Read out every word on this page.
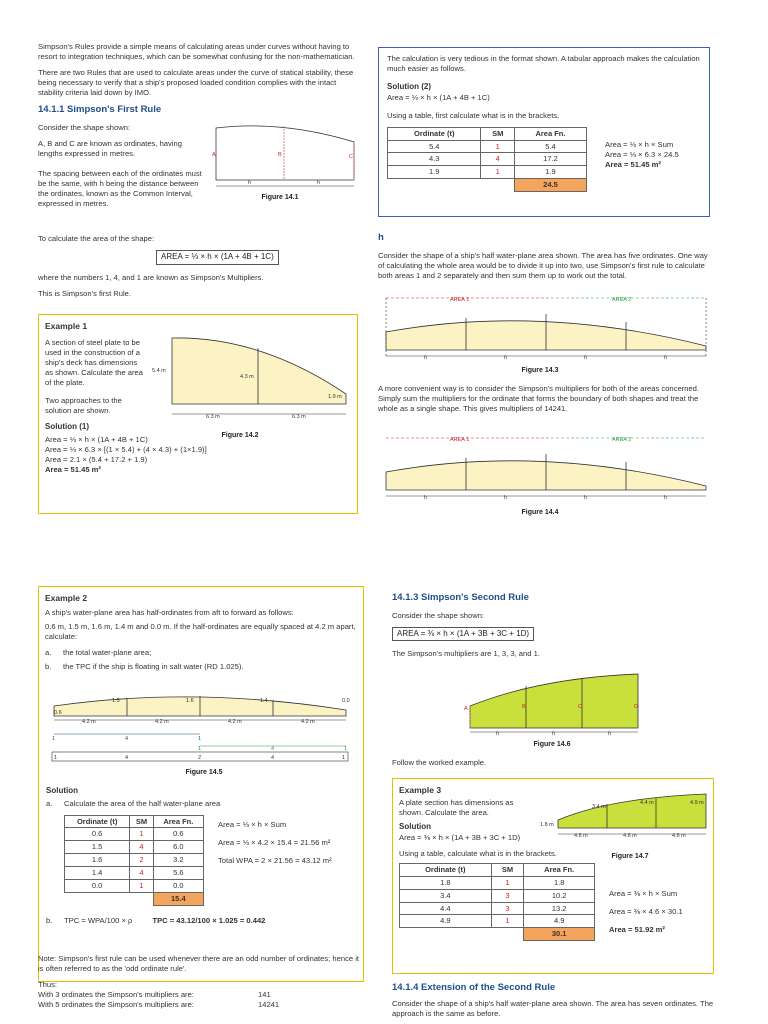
Simpson's Rules provide a simple means of calculating areas under curves without having to resort to integration techniques, which can be somewhat confusing for the non-mathematician.

There are two Rules that are used to calculate areas under the curve of statical stability, these being necessary to verify that a ship's proposed loaded condition complies with the intact stability criteria laid down by IMO.

14.1.1 Simpson's First Rule

Consider the shape shown:

A, B and C are known as ordinates, having lengths expressed in metres.

The spacing between each of the ordinates must be the same, with h being the distance between the ordinates, known as the Common Interval, expressed in metres.

A	B	C
h	h
Figure 14.1

To calculate the area of the shape:

AREA = ⅓ × h × (1A + 4B + 1C)

where the numbers 1, 4, and 1 are known as Simpson's Multipliers.

This is Simpson's first Rule.

Example 1

A section of steel plate to be used in the construction of a ship's deck has dimensions as shown. Calculate the area of the plate.

Two approaches to the solution are shown.

Solution (1)
Area = ⅓ × h × (1A + 4B + 1C)
Area = ⅓ × 6.3 × [(1 × 5.4) + (4 × 4.3) + (1×1.9)]
Area = 2.1 × (5.4 + 17.2 + 1.9)
Area = 51.45 m²
5.4 m
4.3 m
1.9 m
6.3 m	6.3 m
Figure 14.2

The calculation is very tedious in the format shown. A tabular approach makes the calculation much easier as follows.

Solution (2)
Area = ⅓ × h × (1A + 4B + 1C)

Using a table, first calculate what is in the brackets.

Ordinate (t)	SM	Area Fn.
5.4	1	5.4
4.3	4	17.2
1.9	1	1.9
		24.5
Area = ⅓ × h × Sum
Area = ⅓ × 6.3 × 24.5
Area = 51.45 m²
h

Consider the shape of a ship's half water-plane area shown. The area has five ordinates. One way of calculating the whole area would be to divide it up into two, use Simpson's first rule to calculate both areas 1 and 2 separately and then sum them up to work out the total.

AREA 1	AREA 2
h	h	h	h
Figure 14.3

A more convenient way is to consider the Simpson's multipliers for both of the areas concerned. Simply sum the multipliers for the ordinate that forms the boundary of both shapes and treat the whole as a single shape. This gives multipliers of 14241.

AREA 1	AREA 2
h	h	h	h
Figure 14.4
Example 2

A ship's water-plane area has half-ordinates from aft to forward as follows:

0.6 m, 1.5 m, 1.6 m, 1.4 m and 0.0 m. If the half-ordinates are equally spaced at 4.2 m apart, calculate:

a. the total water-plane area;
b. the TPC if the ship is floating in salt water (RD 1.025).
0.6
1.5	1.6	1.4	0.0
4.2 m	4.2 m	4.2 m	4.2 m
1	4	1
1	4	1
1	4	2	4	1
Figure 14.5
Solution
a. Calculate the area of the half water-plane area
Ordinate (t)	SM	Area Fn.
0.6	1	0.6
1.5	4	6.0
1.6	2	3.2
1.4	4	5.6
0.0	1	0.0
		15.4
Area = ⅓ × h × Sum
Area = ⅓ × 4.2 × 15.4 = 21.56 m²
Total WPA = 2 × 21.56 = 43.12 m²
b. TPC = WPA/100 × ρ	TPC = 43.12/100 × 1.025 = 0.442

Note: Simpson's first rule can be used whenever there are an odd number of ordinates; hence it is often referred to as the 'odd ordinate rule'.

Thus:
With 3 ordinates the Simpson's multipliers are:	141
With 5 ordinates the Simpson's multipliers are:	14241
14.1.3 Simpson's Second Rule

Consider the shape shown:

AREA = ⅜ × h × (1A + 3B + 3C + 1D)

The Simpson's multipliers are 1, 3, 3, and 1.

A	B	C	D
h	h	h
Figure 14.6
Follow the worked example.
Example 3

A plate section has dimensions as shown. Calculate the area.

Solution

Area = ⅜ × h × (1A + 3B + 3C + 1D)

Using a table, calculate what is in the brackets.

Ordinate (t)	SM	Area Fn.
1.8	1	1.8
3.4	3	10.2
4.4	3	13.2
4.9	1	4.9
		30.1
Area = ⅜ × h × Sum
Area = ⅜ × 4.6 × 30.1
Area = 51.92 m²
1.8 m
3.4 m
4.4 m	4.9 m
4.6 m	4.6 m	4.6 m
Figure 14.7
14.1.4 Extension of the Second Rule

Consider the shape of a ship's half water-plane area shown. The area has seven ordinates. The approach is the same as before.
